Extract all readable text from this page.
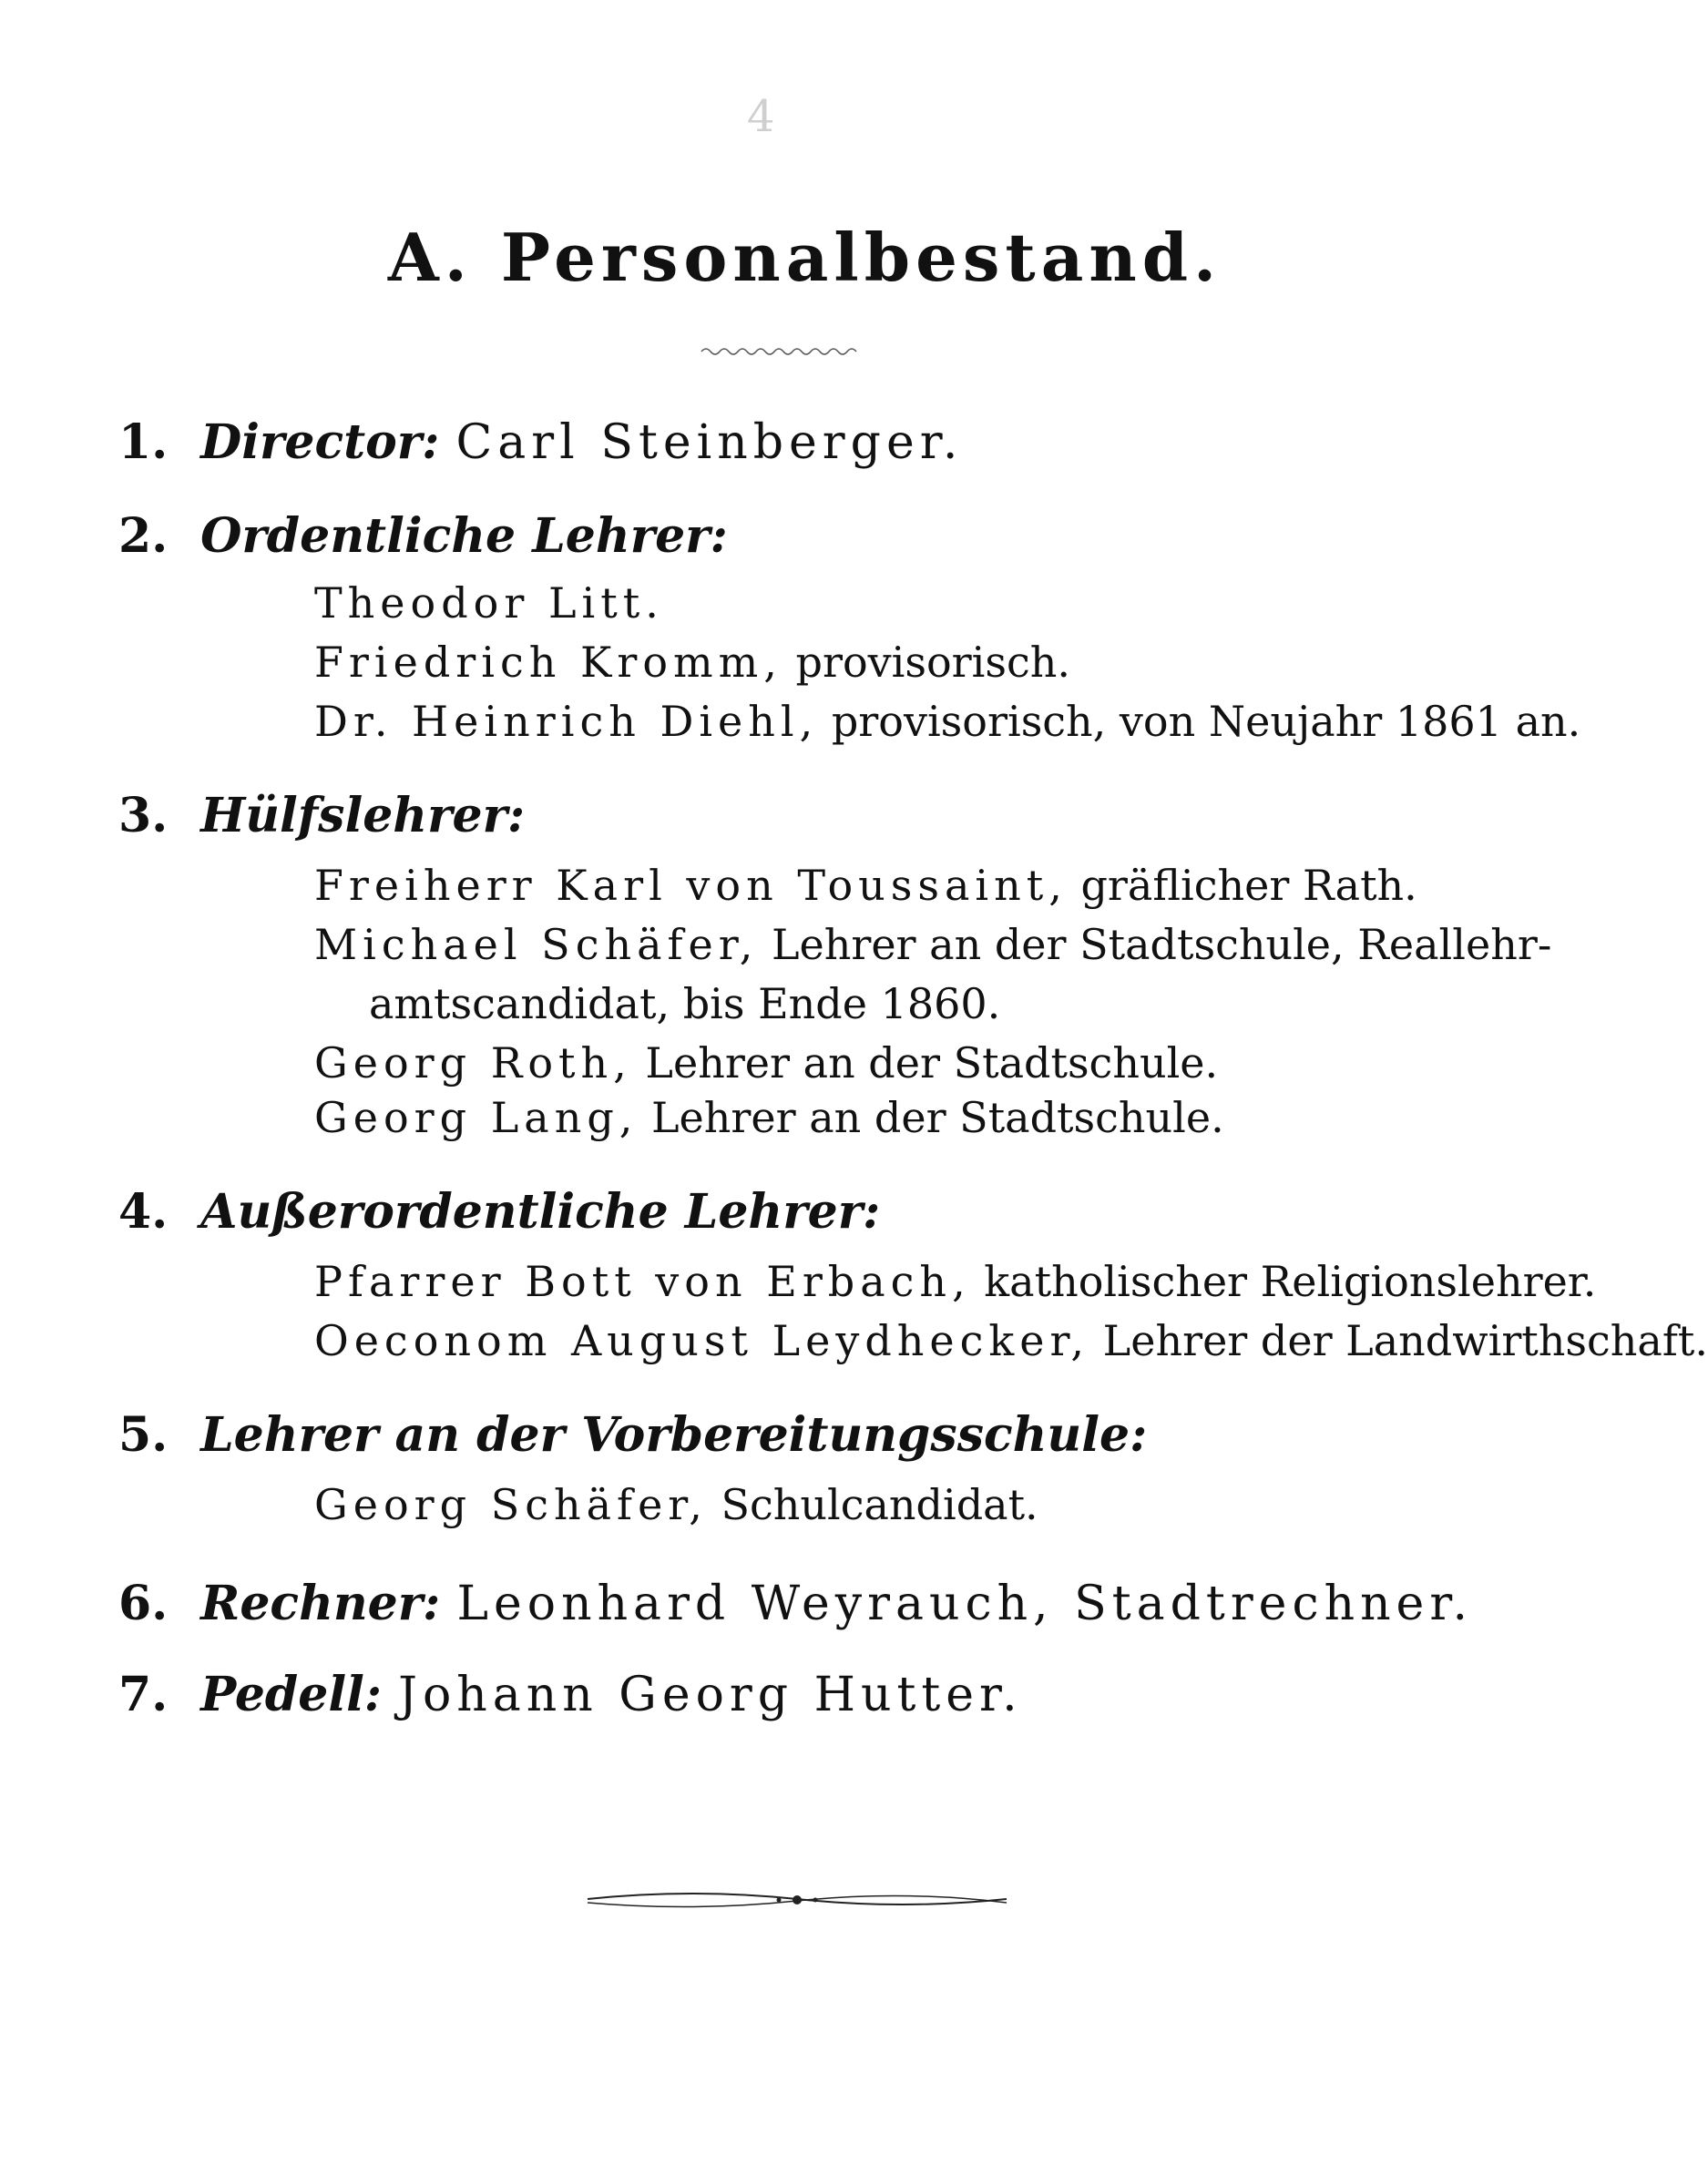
4
A. Personalbestand.
1. Director: Carl Steinberger.
2. Ordentliche Lehrer:
Theodor Litt.
Friedrich Kromm, provisorisch.
Dr. Heinrich Diehl, provisorisch, von Neujahr 1861 an.
3. Hülfslehrer:
Freiherr Karl von Toussaint, gräflicher Rath.
Michael Schäfer, Lehrer an der Stadtschule, Reallehr-
amtscandidat, bis Ende 1860.
Georg Roth, Lehrer an der Stadtschule.
Georg Lang, Lehrer an der Stadtschule.
4. Außerordentliche Lehrer:
Pfarrer Bott von Erbach, katholischer Religionslehrer.
Oeconom August Leydhecker, Lehrer der Landwirthschaft.
5. Lehrer an der Vorbereitungsschule:
Georg Schäfer, Schulcandidat.
6. Rechner: Leonhard Weyrauch, Stadtrechner.
7. Pedell: Johann Georg Hutter.
